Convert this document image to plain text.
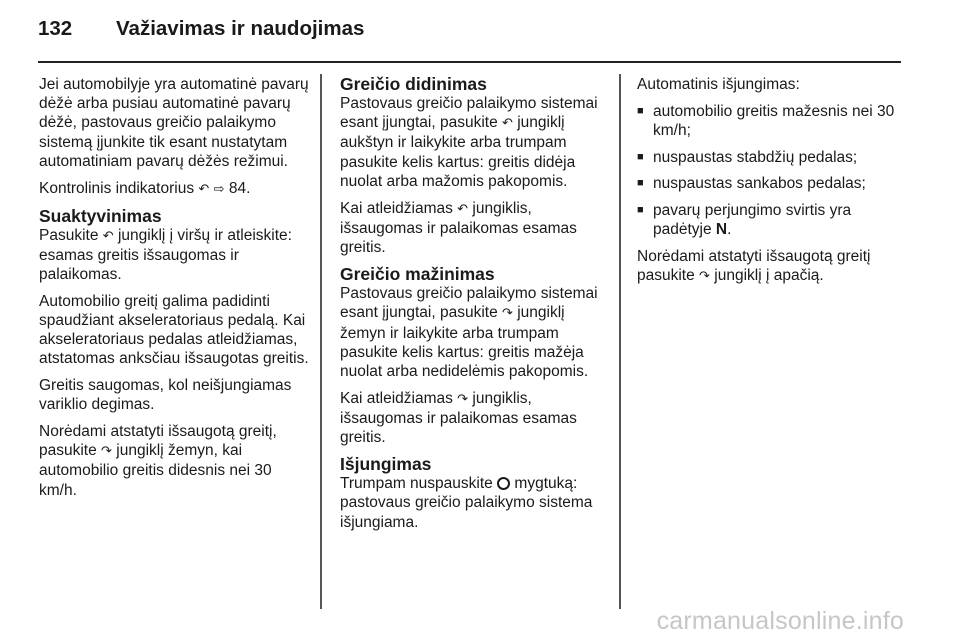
132	Važiavimas ir naudojimas

Jei automobilyje yra automatinė pavarų dėžė arba pusiau automatinė pavarų dėžė, pastovaus greičio palaikymo sistemą įjunkite tik esant nustatytam automatiniam pavarų dėžės režimui.

Kontrolinis indikatorius ↶ ⇨ 84.

Suaktyvinimas

Pasukite ↶ jungiklį į viršų ir atleiskite: esamas greitis išsaugomas ir palaikomas.

Automobilio greitį galima padidinti spaudžiant akseleratoriaus pedalą. Kai akseleratoriaus pedalas atleidžiamas, atstatomas anksčiau išsaugotas greitis.

Greitis saugomas, kol neišjungiamas variklio degimas.

Norėdami atstatyti išsaugotą greitį, pasukite ↷ jungiklį žemyn, kai automobilio greitis didesnis nei 30 km/h.

Greičio didinimas

Pastovaus greičio palaikymo sistemai esant įjungtai, pasukite ↶ jungiklį aukštyn ir laikykite arba trumpam pasukite kelis kartus: greitis didėja nuolat arba mažomis pakopomis.

Kai atleidžiamas ↶ jungiklis, išsaugomas ir palaikomas esamas greitis.

Greičio mažinimas

Pastovaus greičio palaikymo sistemai esant įjungtai, pasukite ↷ jungiklį žemyn ir laikykite arba trumpam pasukite kelis kartus: greitis mažėja nuolat arba nedidelėmis pakopomis.

Kai atleidžiamas ↷ jungiklis, išsaugomas ir palaikomas esamas greitis.

Išjungimas

Trumpam nuspauskite mygtuką: pastovaus greičio palaikymo sistema išjungiama.

Automatinis išjungimas:

■ automobilio greitis mažesnis nei 30 km/h;
■ nuspaustas stabdžių pedalas;
■ nuspaustas sankabos pedalas;
■ pavarų perjungimo svirtis yra padėtyje N.

Norėdami atstatyti išsaugotą greitį pasukite ↷ jungiklį į apačią.

carmanualsonline.info
